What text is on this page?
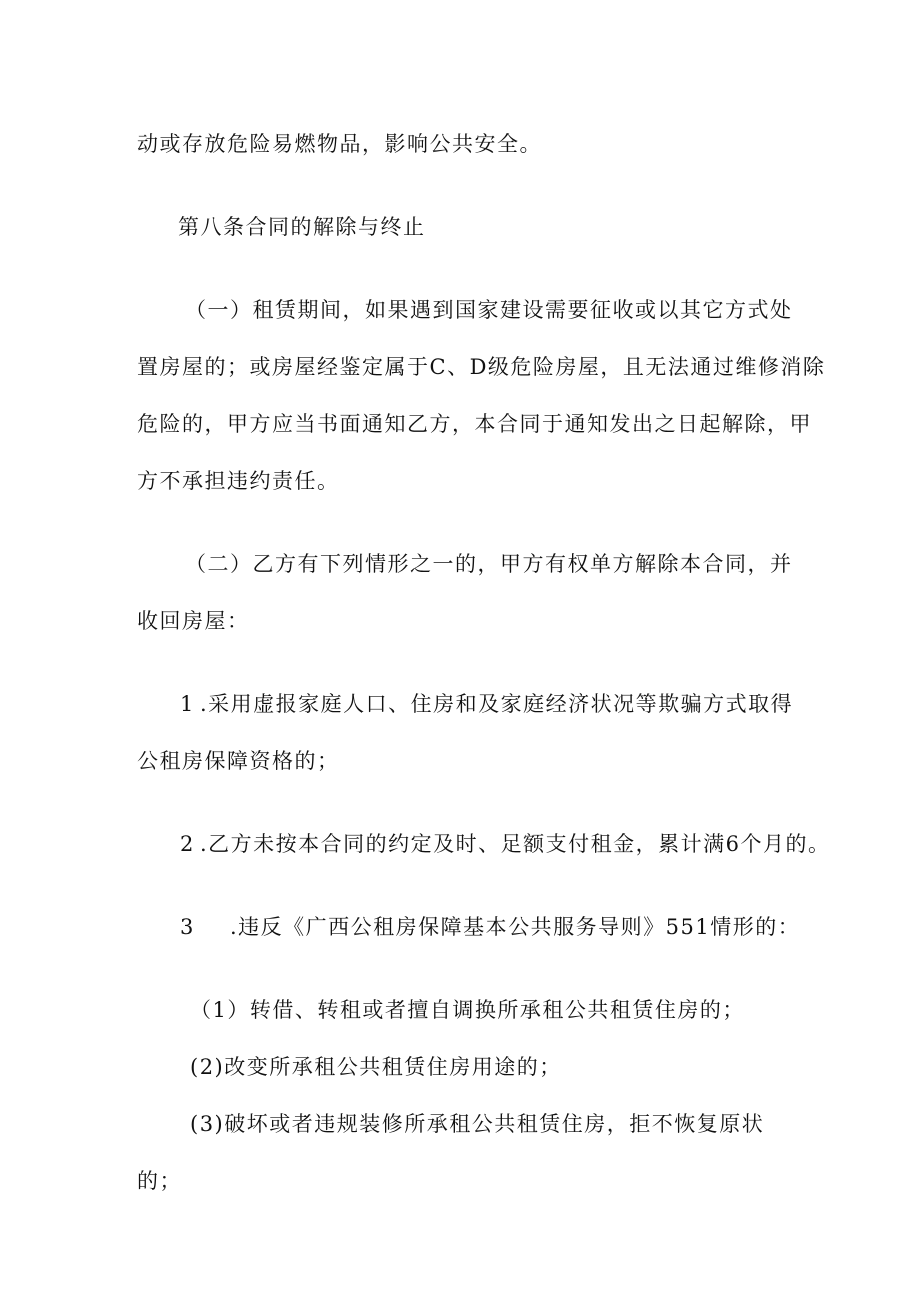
动或存放危险易燃物品，影响公共安全。
第八条合同的解除与终止
（一）租赁期间，如果遇到国家建设需要征收或以其它方式处
置房屋的；或房屋经鉴定属于C、D级危险房屋，且无法通过维修消除
危险的，甲方应当书面通知乙方，本合同于通知发出之日起解除，甲
方不承担违约责任。
（二）乙方有下列情形之一的，甲方有权单方解除本合同，并
收回房屋：
1 .采用虚报家庭人口、住房和及家庭经济状况等欺骗方式取得
公租房保障资格的；
2 .乙方未按本合同的约定及时、足额支付租金，累计满6个月的。
3 .违反《广西公租房保障基本公共服务导则》551情形的：
（1）转借、转租或者擅自调换所承租公共租赁住房的；
(2)改变所承租公共租赁住房用途的；
(3)破坏或者违规装修所承租公共租赁住房，拒不恢复原状
的；
